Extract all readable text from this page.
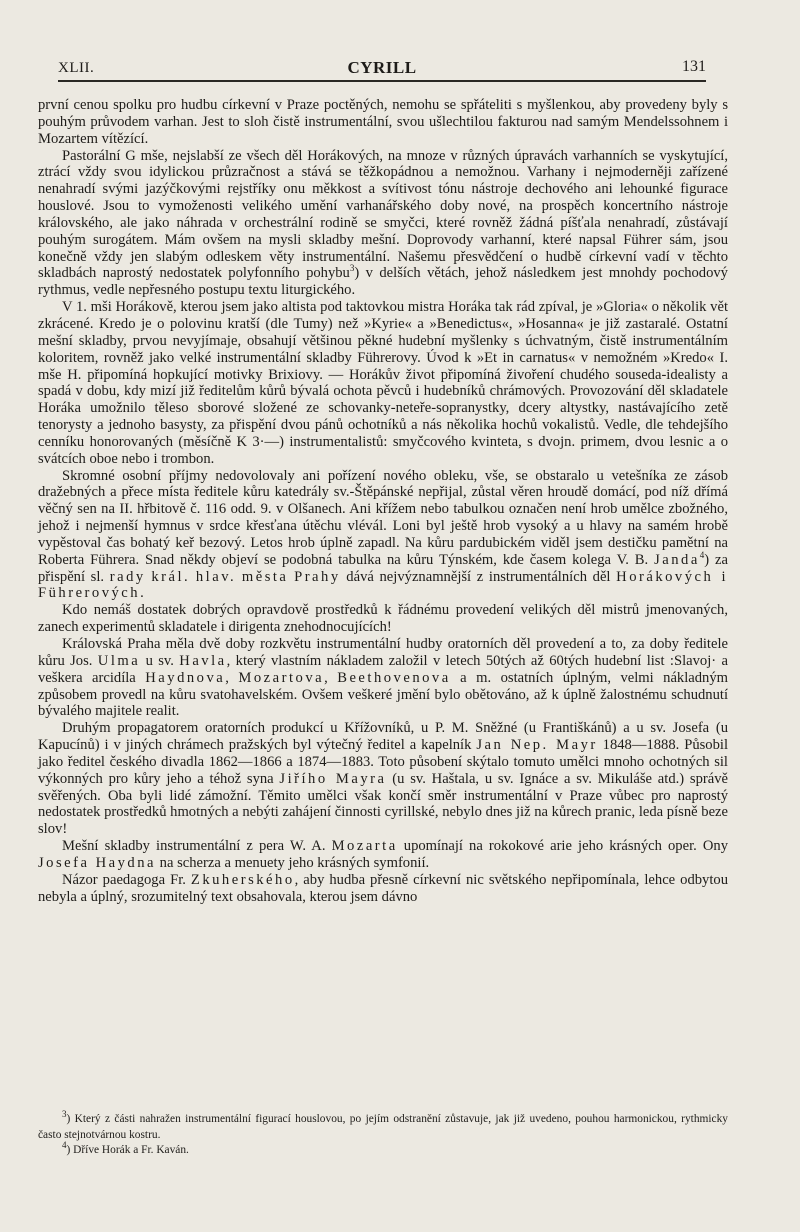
XLII.	CYRILL	131

první cenou spolku pro hudbu církevní v Praze poctěných, nemohu se spřáteliti s myšlenkou, aby provedeny byly s pouhým průvodem varhan. Jest to sloh čistě instrumentální, svou ušlechtilou fakturou nad samým Mendelssohnem i Mozartem vítězící.

Pastorální G mše, nejslabší ze všech děl Horákových, na mnoze v různých úpravách varhanních se vyskytující, ztrácí vždy svou idylickou průzračnost a stává se těžkopádnou a nemožnou. Varhany i nejmoderněji zařízené nenahradí svými jazýčkovými rejstříky onu měkkost a svítivost tónu nástroje dechového ani lehounké figurace houslové. Jsou to vymoženosti velikého umění varhanářského doby nové, na prospěch koncertního nástroje královského, ale jako náhrada v orchestrální rodině se smyčci, které rovněž žádná píšťala nenahradí, zůstávají pouhým surogátem. Mám ovšem na mysli skladby mešní. Doprovody varhanní, které napsal Führer sám, jsou konečně vždy jen slabým odleskem věty instrumentální. Našemu přesvědčení o hudbě církevní vadí v těchto skladbách naprostý nedostatek polyfonního pohybu$^3$) v delších větách, jehož následkem jest mnohdy pochodový rythmus, vedle nepřesného postupu textu liturgického.

V 1. mši Horákově, kterou jsem jako altista pod taktovkou mistra Horáka tak rád zpíval, je »Gloria« o několik vět zkrácené. Kredo je o polovinu kratší (dle Tumy) než »Kyrie« a »Benedictus«, »Hosanna« je již zastaralé. Ostatní mešní skladby, prvou nevyjímaje, obsahují většinou pěkné hudební myšlenky s úchvatným, čistě instrumentálním koloritem, rovněž jako velké instrumentální skladby Führerovy. Úvod k »Et in carnatus« v nemožném »Kredo« I. mše H. připomíná hopkující motivky Brixiovy. — Horákův život připomíná živoření chudého souseda-idealisty a spadá v dobu, kdy mizí již ředitelům kůrů bývalá ochota pěvců i hudebníků chrámových. Provozování děl skladatele Horáka umožnilo těleso sborové složené ze schovanky-neteře-sopranystky, dcery altystky, nastávajícího zetě tenorysty a jednoho basysty, za přispění dvou pánů ochotníků a nás několika hochů vokalistů. Vedle, dle tehdejšího cenníku honorovaných (měsíčně K 3·—) instrumentalistů: smyčcového kvinteta, s dvojn. primem, dvou lesnic a o svátcích oboe nebo i trombon.

Skromné osobní příjmy nedovolovaly ani pořízení nového obleku, vše, se obstaralo u vetešníka ze zásob dražebných a přece místa ředitele kůru katedrály sv.-Štěpánské nepřijal, zůstal věren hroudě domácí, pod níž dřímá věčný sen na II. hřbitově č. 116 odd. 9. v Olšanech. Ani křížem nebo tabulkou označen není hrob umělce zbožného, jehož i nejmenší hymnus v srdce křesťana útěchu vlévál. Loni byl ještě hrob vysoký a u hlavy na samém hrobě vypěstoval čas bohatý keř bezový. Letos hrob úplně zapadl. Na kůru pardubickém viděl jsem destičku pamětní na Roberta Führera. Snad někdy objeví se podobná tabulka na kůru Týnském, kde časem kolega V. B. Janda$^4$) za přispění sl. rady král. hlav. města Prahy dává nejvýznamnější z instrumentálních děl Horákových i Führerových.

Kdo nemáš dostatek dobrých opravdově prostředků k řádnému provedení velikých děl mistrů jmenovaných, zanech experimentů skladatele i dirigenta znehodnocujících!

Královská Praha měla dvě doby rozkvětu instrumentální hudby oratorních děl provedení a to, za doby ředitele kůru Jos. Ulma u sv. Havla, který vlastním nákladem založil v letech 50tých až 60tých hudební list :Slavoj· a veškera arcidíla Haydnova, Mozartova, Beethovenova a m. ostatních úplným, velmi nákladným způsobem provedl na kůru svatohavelském. Ovšem veškeré jmění bylo obětováno, až k úplně žalostnému schudnutí bývalého majitele realit.

Druhým propagatorem oratorních produkcí u Křížovníků, u P. M. Sněžné (u Františkánů) a u sv. Josefa (u Kapucínů) i v jiných chrámech pražských byl výtečný ředitel a kapelník Jan Nep. Mayr 1848—1888. Působil jako ředitel českého divadla 1862—1866 a 1874—1883. Toto působení skýtalo tomuto umělci mnoho ochotných sil výkonných pro kůry jeho a téhož syna Jiřího Mayra (u sv. Haštala, u sv. Ignáce a sv. Mikuláše atd.) správě svěřených. Oba byli lidé zámožní. Těmito umělci však končí směr instrumentální v Praze vůbec pro naprostý nedostatek prostředků hmotných a nebýti zahájení činnosti cyrillské, nebylo dnes již na kůrech pranic, leda písně beze slov!

Mešní skladby instrumentální z pera W. A. Mozarta upomínají na rokokové arie jeho krásných oper. Ony Josefa Haydna na scherza a menuety jeho krásných symfonií.

Názor paedagoga Fr. Zkuherského, aby hudba přesně církevní nic světského nepřipomínala, lehce odbytou nebyla a úplný, srozumitelný text obsahovala, kterou jsem dávno

$^3$) Který z části nahražen instrumentální figurací houslovou, po jejím odstranění zůstavuje, jak již uvedeno, pouhou harmonickou, rythmicky často stejnotvárnou kostru.

$^4$) Dříve Horák a Fr. Kaván.
